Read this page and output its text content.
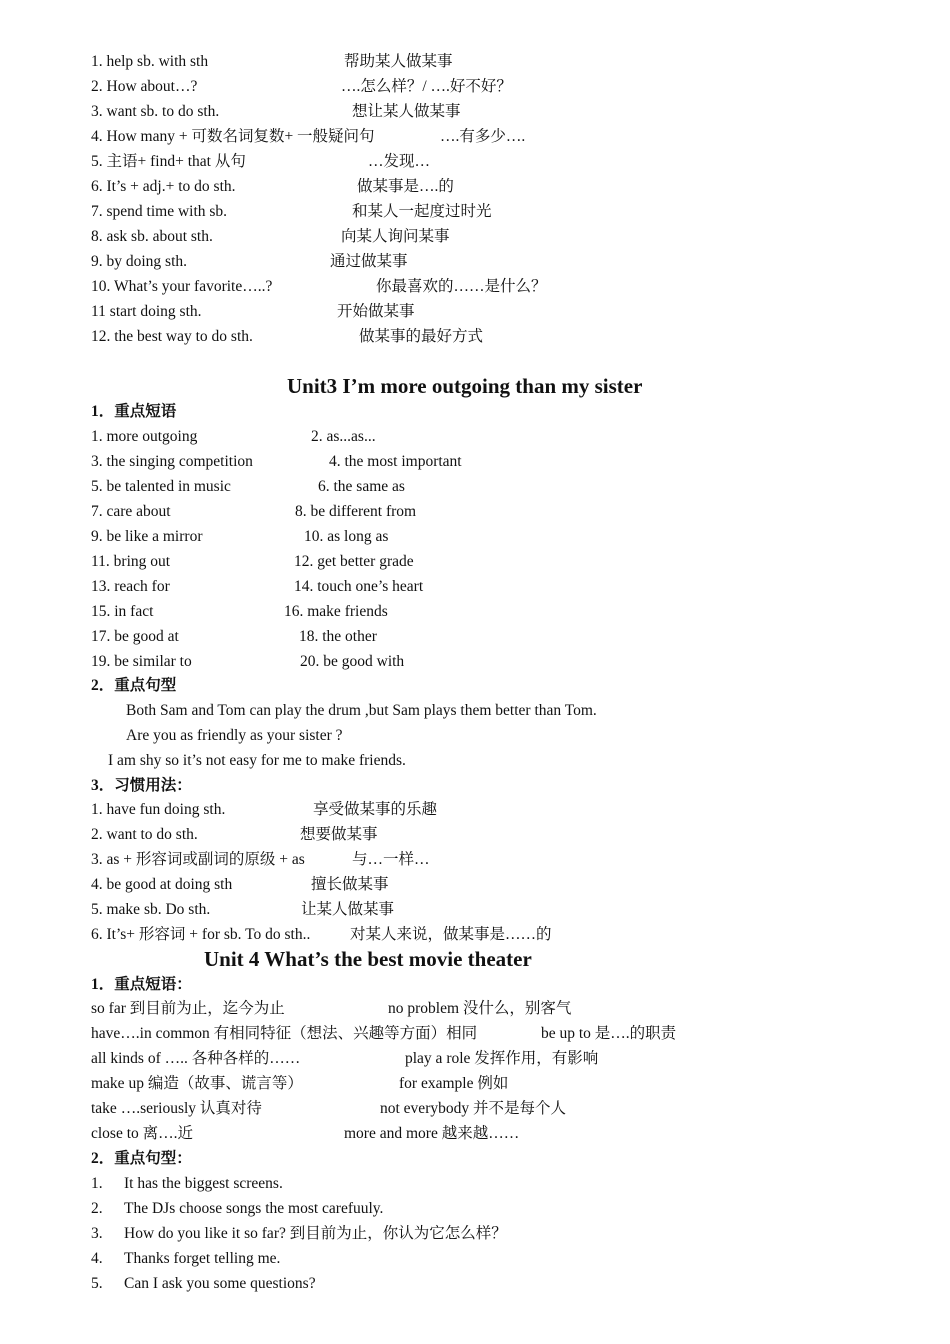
1. help sb. with sth	帮助某人做某事
2. How about…?	….怎么样？/ ….好不好？
3. want sb. to do sth.	想让某人做某事
4. How many + 可数名词复数+ 一般疑问句	….有多少….
5. 主语+ find+ that 从句	…发现…
6. It’s + adj.+ to do sth.	做某事是….的
7. spend time with sb.	和某人一起度过时光
8. ask sb. about sth.	向某人询问某事
9. by doing sth.	通过做某事
10. What’s your favorite…..?	你最喜欢的……是什么？
11 start doing sth.	开始做某事
12. the best way to do sth.	做某事的最好方式
Unit3 I’m more outgoing than my sister
1．重点短语
1. more outgoing	2. as...as...
3. the singing competition	4. the most important
5. be talented in music	6. the same as
7. care about	8. be different from
9. be like a mirror	10. as long as
11. bring out	12. get better grade
13. reach for	14. touch one’s heart
15. in fact	16. make friends
17. be good at	18. the other
19. be similar to	20. be good with
2．重点句型
Both Sam and Tom can play the drum ,but Sam plays them better than Tom.
Are you as friendly as your sister ?
I am shy so it’s not easy for me to make friends.
3．习惯用法：
1. have fun doing sth.	享受做某事的乐趣
2. want to do sth.	想要做某事
3. as + 形容词或副词的原级 + as	与…一样…
4. be good at doing sth	擅长做某事
5. make sb. Do sth.	让某人做某事
6. It’s+ 形容词 + for sb. To do sth..	对某人来说，做某事是……的
Unit 4 What’s the best movie theater
1．重点短语：
so far 到目前为止，迄今为止	no problem 没什么，别客气
have….in common 有相同特征（想法、兴趣等方面）相同	be up to 是….的职责
all kinds of ….. 各种各样的……	play a role 发挥作用，有影响
make up 编造（故事、谎言等）	for example 例如
take ….seriously 认真对待	not everybody 并不是每个人
close to 离….近	more and more 越来越……
2．重点句型：
1. It has the biggest screens.
2. The DJs choose songs the most carefuuly.
3. How do you like it so far? 到目前为止，你认为它怎么样？
4. Thanks forget telling me.
5. Can I ask you some questions?
